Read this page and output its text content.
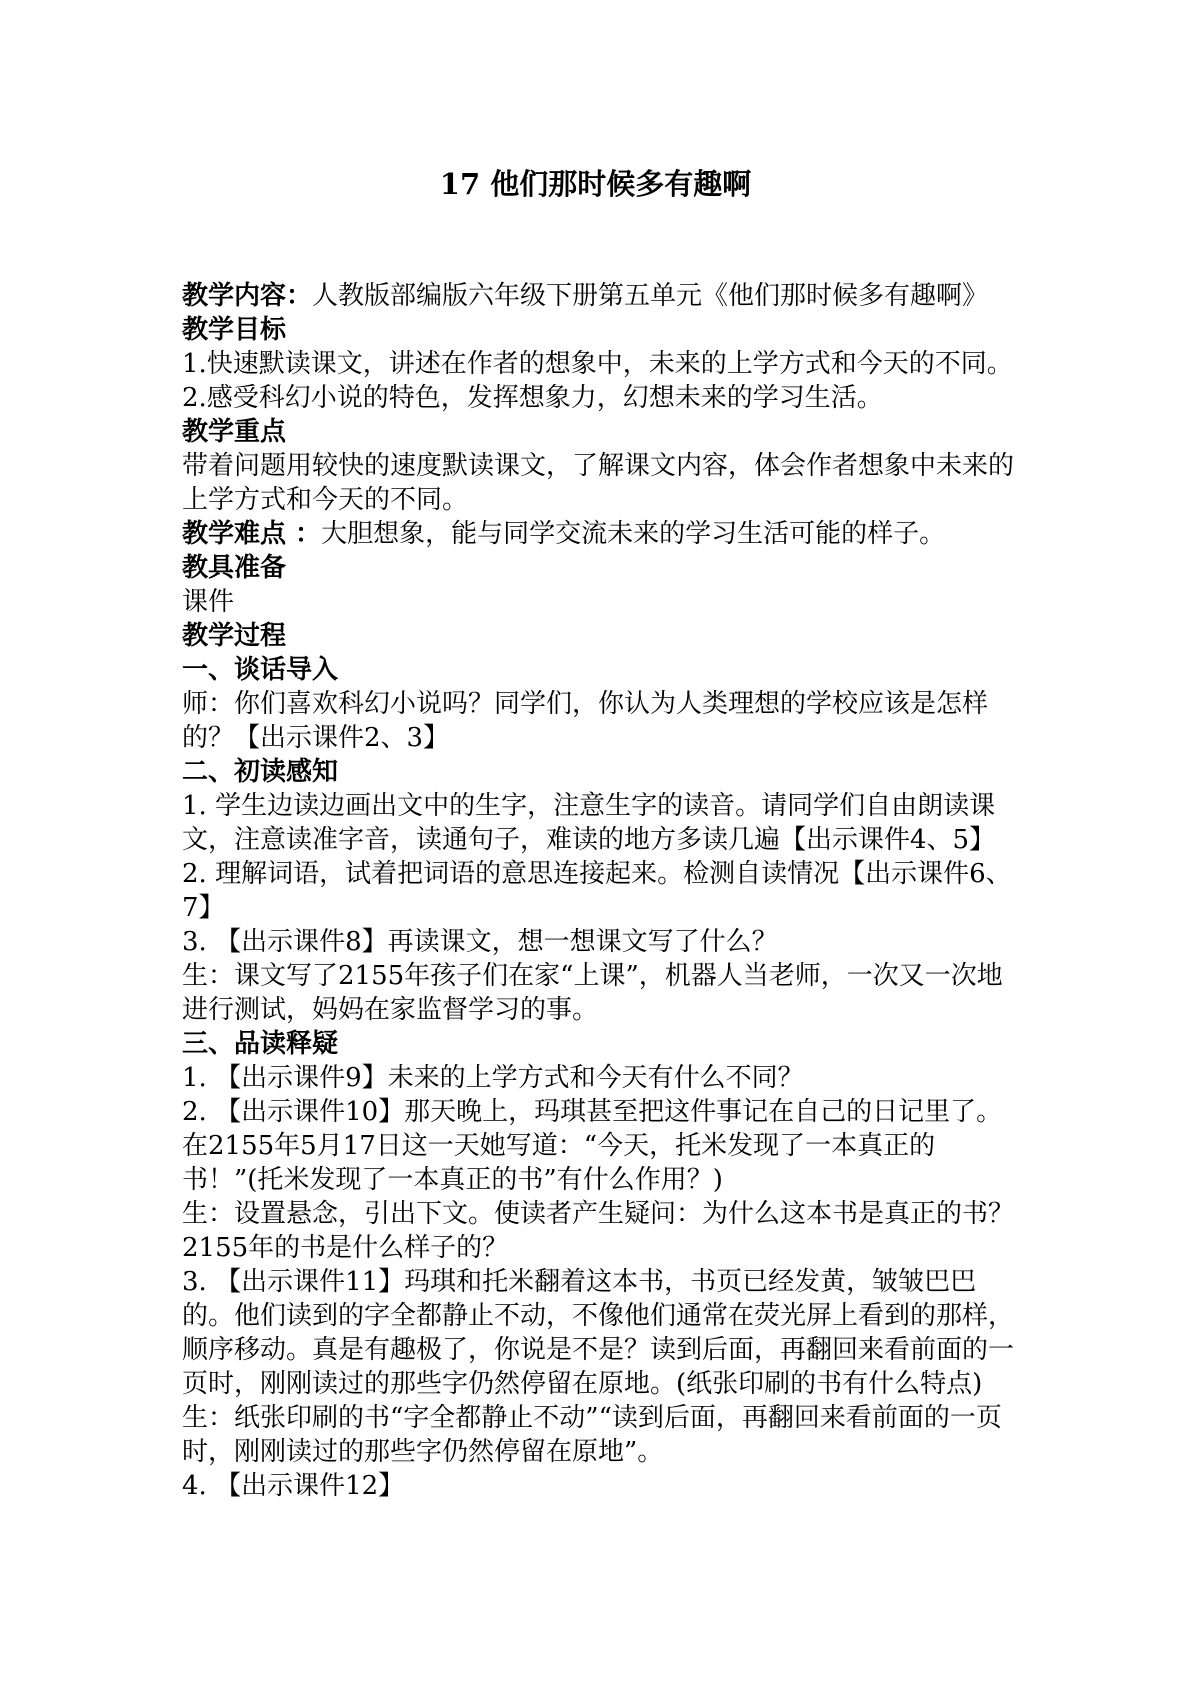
17 他们那时候多有趣啊
教学内容：人教版部编版六年级下册第五单元《他们那时候多有趣啊》
教学目标
1.快速默读课文，讲述在作者的想象中，未来的上学方式和今天的不同。
2.感受科幻小说的特色，发挥想象力，幻想未来的学习生活。
教学重点
带着问题用较快的速度默读课文，了解课文内容，体会作者想象中未来的上学方式和今天的不同。
教学难点 ：大胆想象，能与同学交流未来的学习生活可能的样子。
教具准备
课件
教学过程
一、谈话导入
师：你们喜欢科幻小说吗？同学们，你认为人类理想的学校应该是怎样的？【出示课件2、3】
二、初读感知
1. 学生边读边画出文中的生字，注意生字的读音。请同学们自由朗读课文，注意读准字音，读通句子，难读的地方多读几遍【出示课件4、5】
2. 理解词语，试着把词语的意思连接起来。检测自读情况【出示课件6、7】
3. 【出示课件8】再读课文，想一想课文写了什么？
生：课文写了2155年孩子们在家“上课”，机器人当老师，一次又一次地进行测试，妈妈在家监督学习的事。
三、品读释疑
1. 【出示课件9】未来的上学方式和今天有什么不同？
2. 【出示课件10】那天晚上，玛琪甚至把这件事记在自己的日记里了。在2155年5月17日这一天她写道：“今天，托米发现了一本真正的书！”(托米发现了一本真正的书”有什么作用？)
生：设置悬念，引出下文。使读者产生疑问：为什么这本书是真正的书？2155年的书是什么样子的？
3. 【出示课件11】玛琪和托米翻着这本书，书页已经发黄，皱皱巴巴的。他们读到的字全都静止不动，不像他们通常在荧光屏上看到的那样，顺序移动。真是有趣极了，你说是不是？读到后面，再翻回来看前面的一页时，刚刚读过的那些字仍然停留在原地。(纸张印刷的书有什么特点)
生：纸张印刷的书“字全都静止不动”“读到后面，再翻回来看前面的一页时，刚刚读过的那些字仍然停留在原地”。
4. 【出示课件12】
